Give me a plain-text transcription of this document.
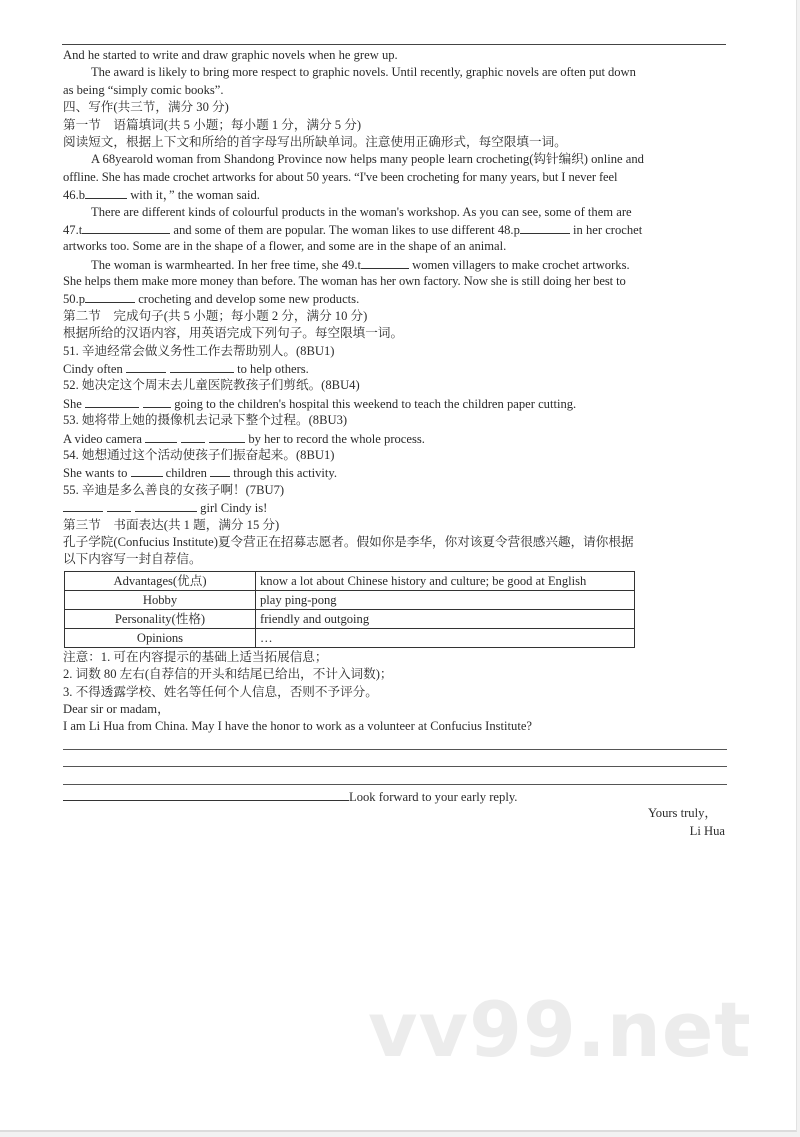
And he started to write and draw graphic novels when he grew up.
The award is likely to bring more respect to graphic novels. Until recently, graphic novels are often put down
as being “simply comic books”.
四、写作(共三节，满分 30 分)
第一节　语篇填词(共 5 小题；每小题 1 分，满分 5 分)
阅读短文，根据上下文和所给的首字母写出所缺单词。注意使用正确形式，每空限填一词。
A 68yearold woman from Shandong Province now helps many people learn crocheting(钩针编织) online and
offline. She has made crochet artworks for about 50 years. “I've been crocheting for many years, but I never feel
46.b	with it，” the woman said.
There are different kinds of colourful products in the woman's workshop. As you can see, some of them are
47.t	and some of them are popular. The woman likes to use different 48.p	in her crochet
artworks too. Some are in the shape of a flower, and some are in the shape of an animal.
The woman is warmhearted. In her free time, she 49.t	women villagers to make crochet artworks.
She helps them make more money than before. The woman has her own factory. Now she is still doing her best to
50.p	crocheting and develop some new products.
第二节　完成句子(共 5 小题；每小题 2 分，满分 10 分)
根据所给的汉语内容，用英语完成下列句子。每空限填一词。
51. 辛迪经常会做义务性工作去帮助别人。(8BU1)
Cindy often	to help others.
52. 她决定这个周末去儿童医院教孩子们剪纸。(8BU4)
She	going to the children's hospital this weekend to teach the children paper cutting.
53. 她将带上她的摄像机去记录下整个过程。(8BU3)
A video camera	by her to record the whole process.
54. 她想通过这个活动使孩子们振奋起来。(8BU1)
She wants to	children  through this activity.
55. 辛迪是多么善良的女孩子啊！(7BU7)
girl Cindy is!
第三节　书面表达(共 1 题，满分 15 分)
孔子学院(Confucius Institute)夏令营正在招募志愿者。假如你是李华，你对该夏令营很感兴趣，请你根据
以下内容写一封自荐信。
Advantages(优点)	know a lot about Chinese history and culture; be good at English
Hobby	play ping-pong
Personality(性格)	friendly and outgoing
Opinions	…
注意：1. 可在内容提示的基础上适当拓展信息；
2. 词数 80 左右(自荐信的开头和结尾已给出，不计入词数)；
3. 不得透露学校、姓名等任何个人信息，否则不予评分。
Dear sir or madam，
I am Li Hua from China. May I have the honor to work as a volunteer at Confucius Institute?
Look forward to your early reply.
Yours truly，
Li Hua
vv99.net
